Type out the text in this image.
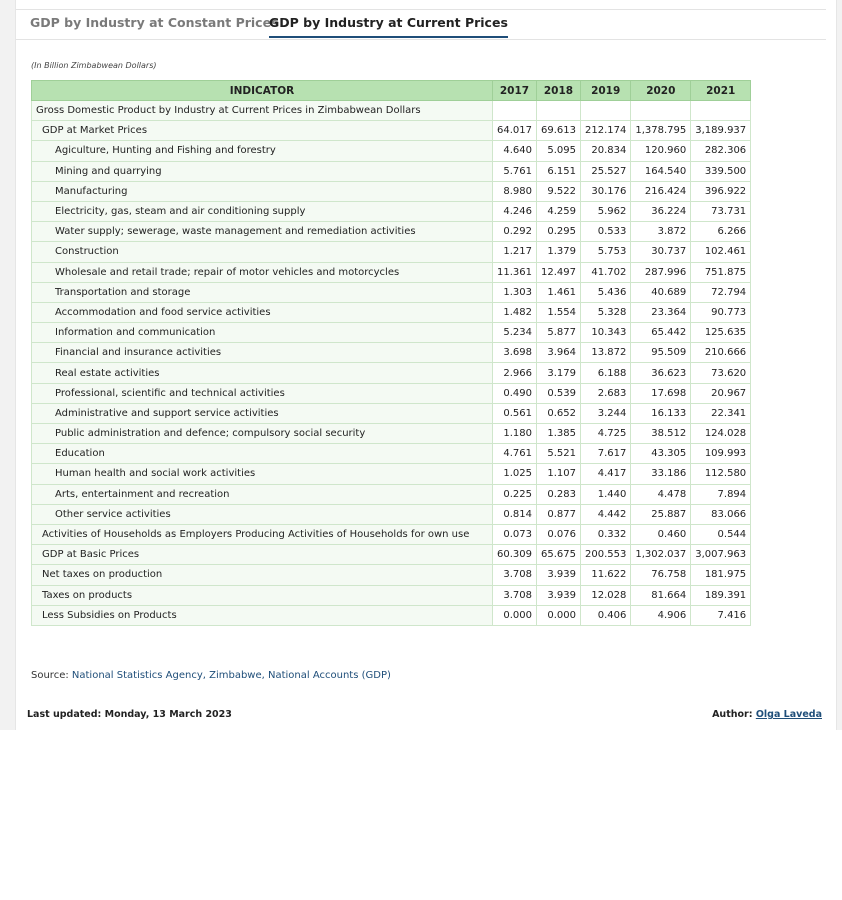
GDP by Industry at Constant Prices
GDP by Industry at Current Prices
(In Billion Zimbabwean Dollars)
INDICATOR	2017	2018	2019	2020	2021
Gross Domestic Product by Industry at Current Prices in Zimbabwean Dollars					
GDP at Market Prices	64.017	69.613	212.174	1,378.795	3,189.937
Agiculture, Hunting and Fishing and forestry	4.640	5.095	20.834	120.960	282.306
Mining and quarrying	5.761	6.151	25.527	164.540	339.500
Manufacturing	8.980	9.522	30.176	216.424	396.922
Electricity, gas, steam and air conditioning supply	4.246	4.259	5.962	36.224	73.731
Water supply; sewerage, waste management and remediation activities	0.292	0.295	0.533	3.872	6.266
Construction	1.217	1.379	5.753	30.737	102.461
Wholesale and retail trade; repair of motor vehicles and motorcycles	11.361	12.497	41.702	287.996	751.875
Transportation and storage	1.303	1.461	5.436	40.689	72.794
Accommodation and food service activities	1.482	1.554	5.328	23.364	90.773
Information and communication	5.234	5.877	10.343	65.442	125.635
Financial and insurance activities	3.698	3.964	13.872	95.509	210.666
Real estate activities	2.966	3.179	6.188	36.623	73.620
Professional, scientific and technical activities	0.490	0.539	2.683	17.698	20.967
Administrative and support service activities	0.561	0.652	3.244	16.133	22.341
Public administration and defence; compulsory social security	1.180	1.385	4.725	38.512	124.028
Education	4.761	5.521	7.617	43.305	109.993
Human health and social work activities	1.025	1.107	4.417	33.186	112.580
Arts, entertainment and recreation	0.225	0.283	1.440	4.478	7.894
Other service activities	0.814	0.877	4.442	25.887	83.066
Activities of Households as Employers Producing Activities of Households for own use	0.073	0.076	0.332	0.460	0.544
GDP at Basic Prices	60.309	65.675	200.553	1,302.037	3,007.963
Net taxes on production	3.708	3.939	11.622	76.758	181.975
Taxes on products	3.708	3.939	12.028	81.664	189.391
Less Subsidies on Products	0.000	0.000	0.406	4.906	7.416
Source: National Statistics Agency, Zimbabwe, National Accounts (GDP)
Last updated: Monday, 13 March 2023	Author: Olga Laveda
